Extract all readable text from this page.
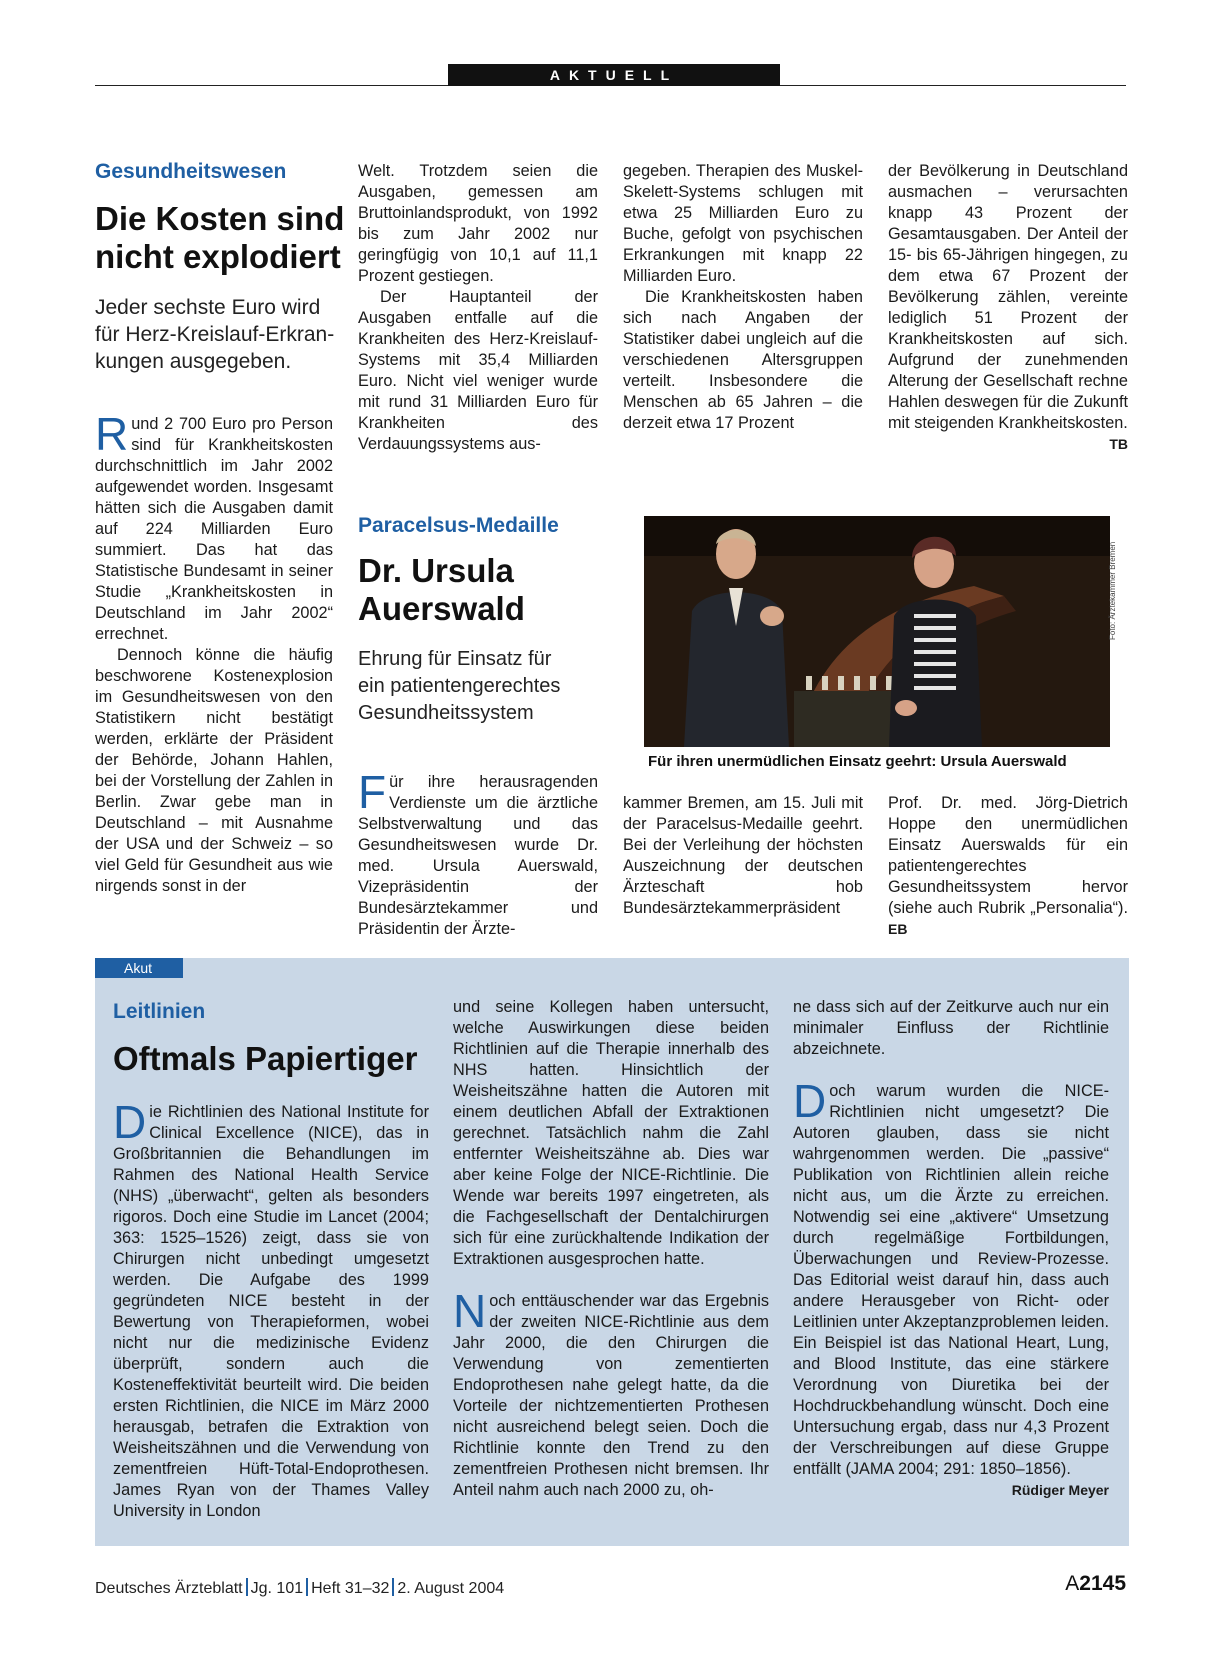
AKTUELL
Gesundheitswesen
Die Kosten sind
nicht explodiert
Jeder sechste Euro wird
für Herz-Kreislauf-Erkran-
kungen ausgegeben.

Rund 2 700 Euro pro Person sind für Krankheitskosten durchschnittlich im Jahr 2002 aufgewendet worden. Insgesamt hätten sich die Ausgaben damit auf 224 Milliarden Euro summiert. Das hat das Statistische Bundesamt in seiner Studie „Krankheitskosten in Deutschland im Jahr 2002“ errechnet.

Dennoch könne die häufig beschworene Kostenexplosion im Gesundheitswesen von den Statistikern nicht bestätigt werden, erklärte der Präsident der Behörde, Johann Hahlen, bei der Vorstellung der Zahlen in Berlin. Zwar gebe man in Deutschland – mit Ausnahme der USA und der Schweiz – so viel Geld für Gesundheit aus wie nirgends sonst in der

Welt. Trotzdem seien die Ausgaben, gemessen am Bruttoinlandsprodukt, von 1992 bis zum Jahr 2002 nur geringfügig von 10,1 auf 11,1 Prozent gestiegen.

Der Hauptanteil der Ausgaben entfalle auf die Krankheiten des Herz-Kreislauf-Systems mit 35,4 Milliarden Euro. Nicht viel weniger wurde mit rund 31 Milliarden Euro für Krankheiten des Verdauungssystems aus-

gegeben. Therapien des Muskel-Skelett-Systems schlugen mit etwa 25 Milliarden Euro zu Buche, gefolgt von psychischen Erkrankungen mit knapp 22 Milliarden Euro.

Die Krankheitskosten haben sich nach Angaben der Statistiker dabei ungleich auf die verschiedenen Altersgruppen verteilt. Insbesondere die Menschen ab 65 Jahren – die derzeit etwa 17 Prozent

der Bevölkerung in Deutschland ausmachen – verursachten knapp 43 Prozent der Gesamtausgaben. Der Anteil der 15- bis 65-Jährigen hingegen, zu dem etwa 67 Prozent der Bevölkerung zählen, vereinte lediglich 51 Prozent der Krankheitskosten auf sich. Aufgrund der zunehmenden Alterung der Gesellschaft rechne Hahlen deswegen für die Zukunft mit steigenden Krankheitskosten.
TB

Paracelsus-Medaille
Dr. Ursula
Auerswald
Ehrung für Einsatz für
ein patientengerechtes
Gesundheitssystem
Foto: Ärztekammer Bremen
Für ihren unermüdlichen Einsatz geehrt: Ursula Auerswald

Für ihre herausragenden Verdienste um die ärztliche Selbstverwaltung und das Gesundheitswesen wurde Dr. med. Ursula Auerswald, Vizepräsidentin der Bundesärztekammer und Präsidentin der Ärzte-

kammer Bremen, am 15. Juli mit der Paracelsus-Medaille geehrt. Bei der Verleihung der höchsten Auszeichnung der deutschen Ärzteschaft hob Bundesärztekammerpräsident

Prof. Dr. med. Jörg-Dietrich Hoppe den unermüdlichen Einsatz Auerswalds für ein patientengerechtes Gesundheitssystem hervor (siehe auch Rubrik „Personalia“). EB

Akut
Leitlinien
Oftmals Papiertiger

Die Richtlinien des National Institute for Clinical Excellence (NICE), das in Großbritannien die Behandlungen im Rahmen des National Health Service (NHS) „überwacht“, gelten als besonders rigoros. Doch eine Studie im Lancet (2004; 363: 1525–1526) zeigt, dass sie von Chirurgen nicht unbedingt umgesetzt werden. Die Aufgabe des 1999 gegründeten NICE besteht in der Bewertung von Therapieformen, wobei nicht nur die medizinische Evidenz überprüft, sondern auch die Kosteneffektivität beurteilt wird. Die beiden ersten Richtlinien, die NICE im März 2000 herausgab, betrafen die Extraktion von Weisheitszähnen und die Verwendung von zementfreien Hüft-Total-Endoprothesen. James Ryan von der Thames Valley University in London

und seine Kollegen haben untersucht, welche Auswirkungen diese beiden Richtlinien auf die Therapie innerhalb des NHS hatten. Hinsichtlich der Weisheitszähne hatten die Autoren mit einem deutlichen Abfall der Extraktionen gerechnet. Tatsächlich nahm die Zahl entfernter Weisheitszähne ab. Dies war aber keine Folge der NICE-Richtlinie. Die Wende war bereits 1997 eingetreten, als die Fachgesellschaft der Dentalchirurgen sich für eine zurückhaltende Indikation der Extraktionen ausgesprochen hatte.

Noch enttäuschender war das Ergebnis der zweiten NICE-Richtlinie aus dem Jahr 2000, die den Chirurgen die Verwendung von zementierten Endoprothesen nahe gelegt hatte, da die Vorteile der nichtzementierten Prothesen nicht ausreichend belegt seien. Doch die Richtlinie konnte den Trend zu den zementfreien Prothesen nicht bremsen. Ihr Anteil nahm auch nach 2000 zu, oh-

ne dass sich auf der Zeitkurve auch nur ein minimaler Einfluss der Richtlinie abzeichnete.

Doch warum wurden die NICE-Richtlinien nicht umgesetzt? Die Autoren glauben, dass sie nicht wahrgenommen werden. Die „passive“ Publikation von Richtlinien allein reiche nicht aus, um die Ärzte zu erreichen. Notwendig sei eine „aktivere“ Umsetzung durch regelmäßige Fortbildungen, Überwachungen und Review-Prozesse. Das Editorial weist darauf hin, dass auch andere Herausgeber von Richt- oder Leitlinien unter Akzeptanzproblemen leiden. Ein Beispiel ist das National Heart, Lung, and Blood Institute, das eine stärkere Verordnung von Diuretika bei der Hochdruckbehandlung wünscht. Doch eine Untersuchung ergab, dass nur 4,3 Prozent der Verschreibungen auf diese Gruppe entfällt (JAMA 2004; 291: 1850–1856).
Rüdiger Meyer

Deutsches Ärzteblatt Jg. 101 Heft 31–32 2. August 2004	A2145
